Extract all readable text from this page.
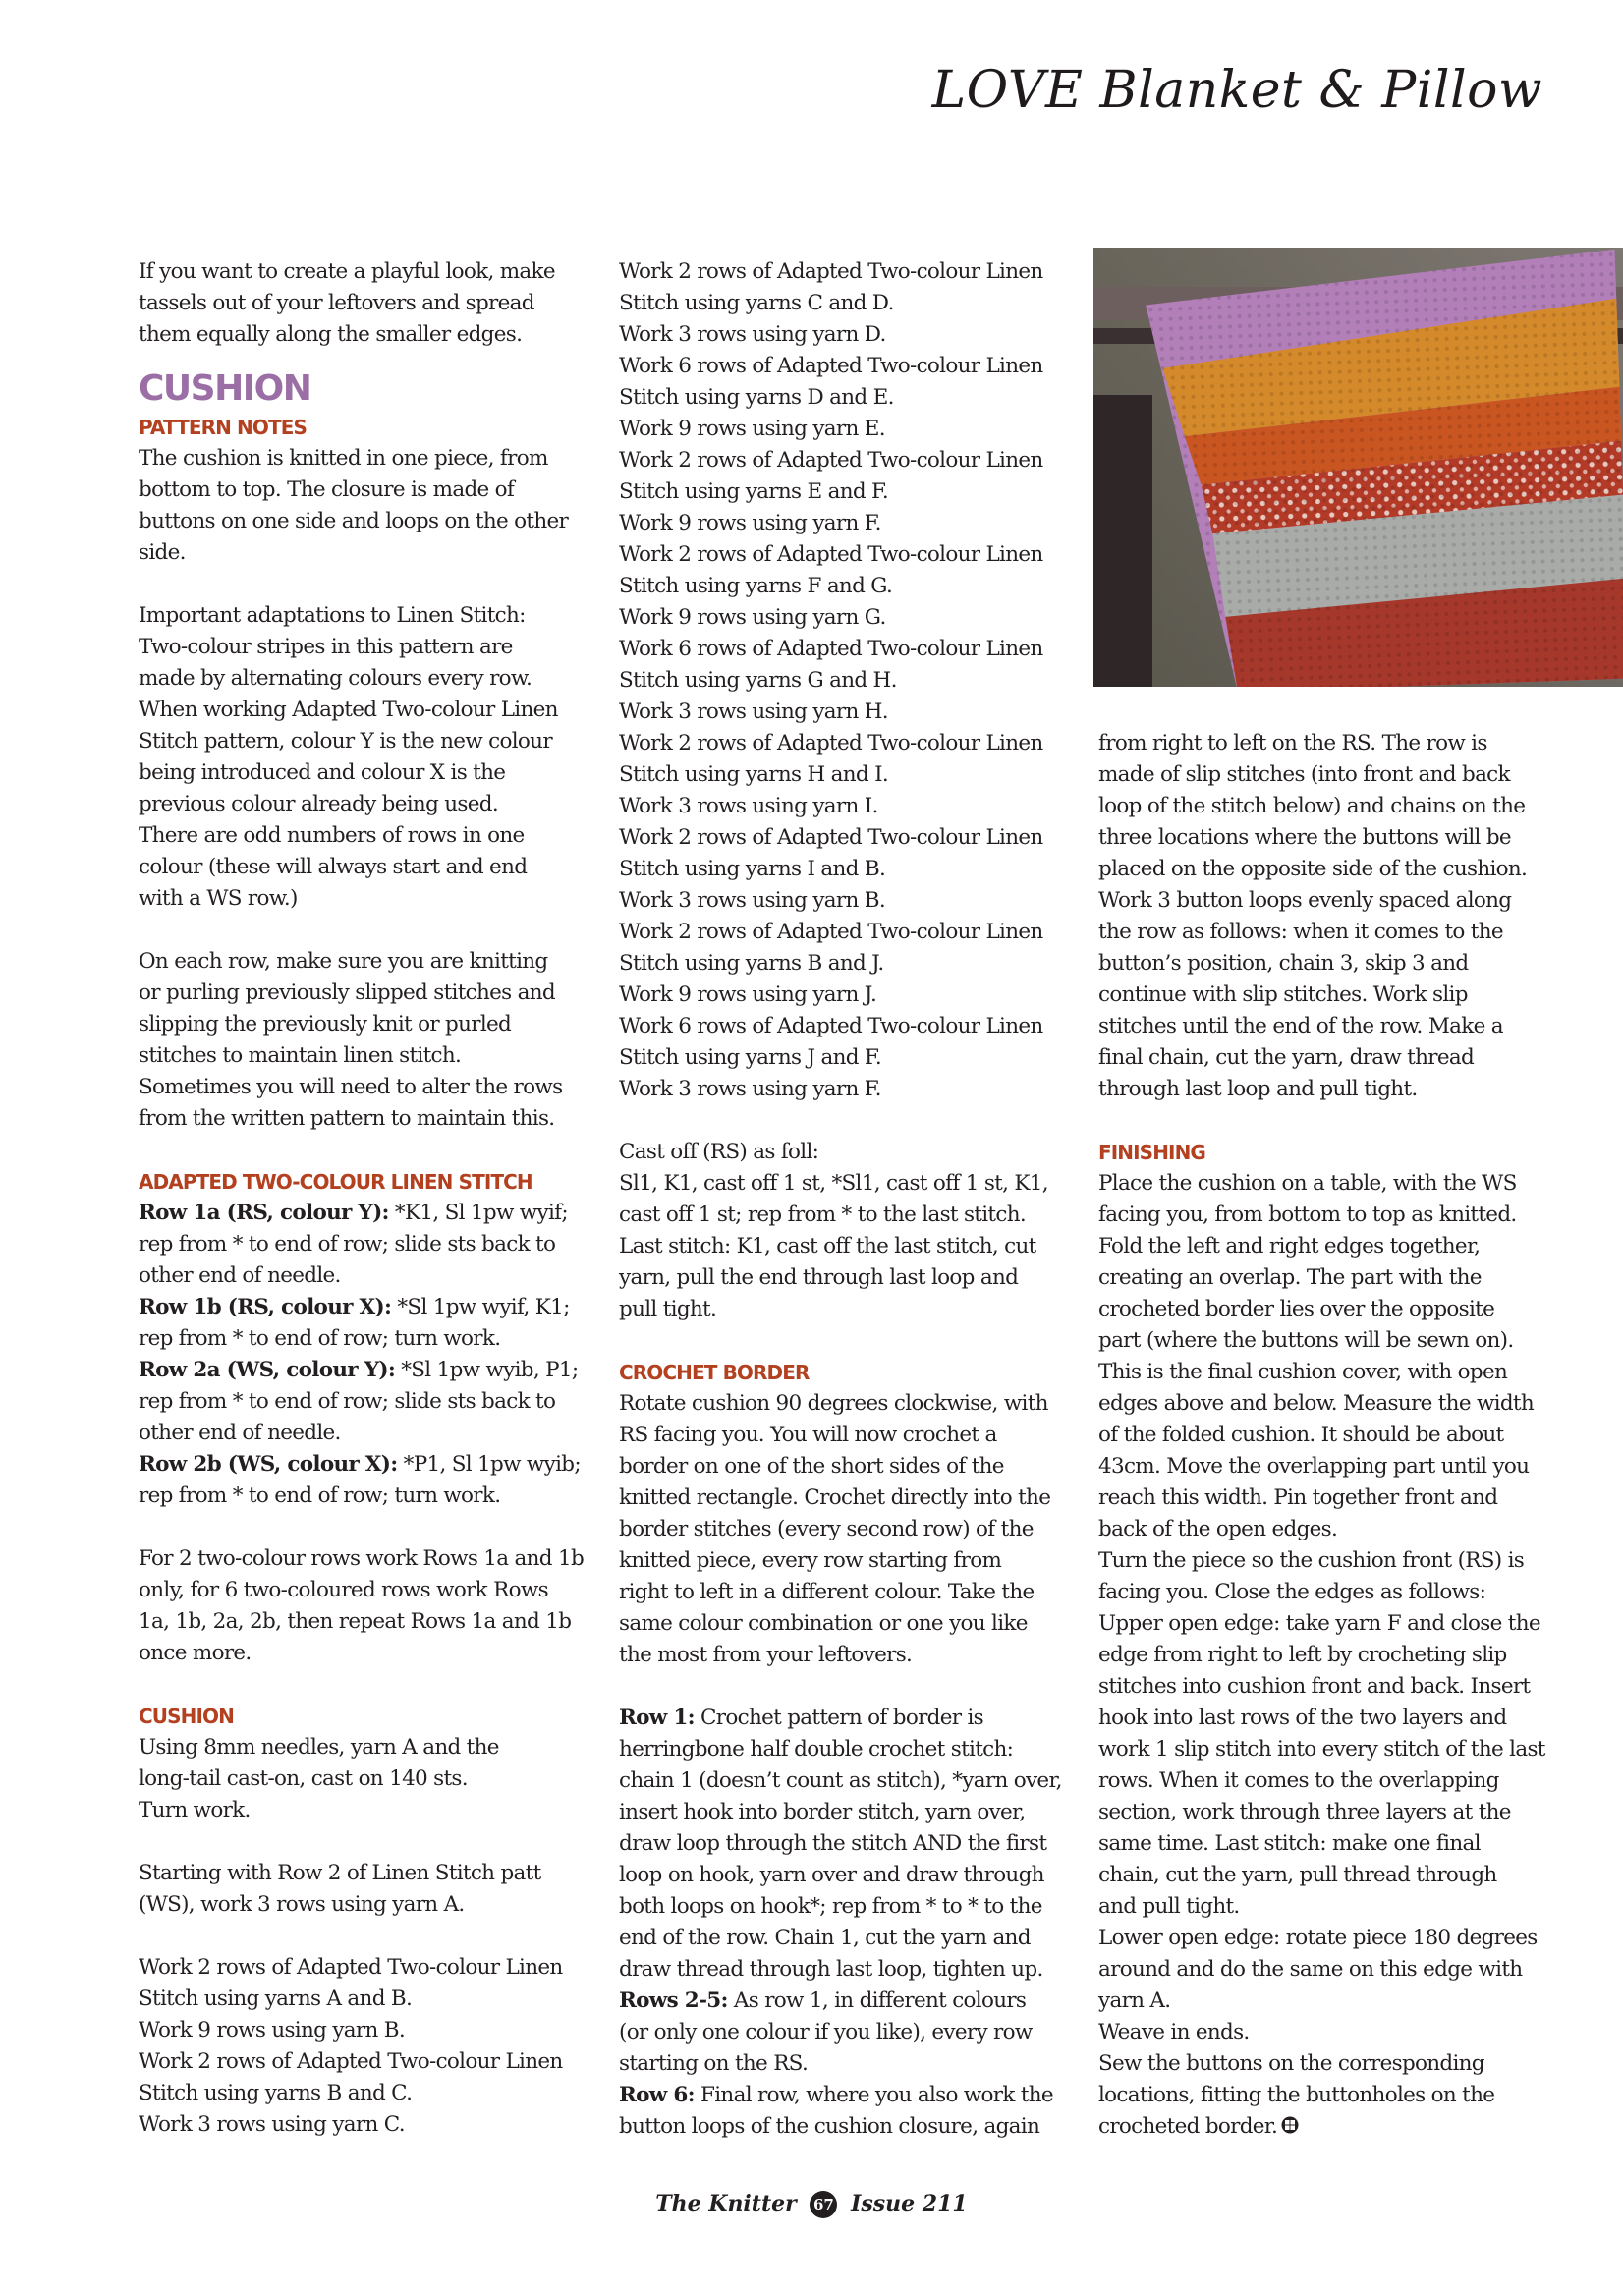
LOVE Blanket & Pillow

If you want to create a playful look, make

tassels out of your leftovers and spread

them equally along the smaller edges.

CUSHION

PATTERN NOTES

The cushion is knitted in one piece, from

bottom to top. The closure is made of

buttons on one side and loops on the other

side.

Important adaptations to Linen Stitch:

Two-colour stripes in this pattern are

made by alternating colours every row.

When working Adapted Two-colour Linen

Stitch pattern, colour Y is the new colour

being introduced and colour X is the

previous colour already being used.

There are odd numbers of rows in one

colour (these will always start and end

with a WS row.)

On each row, make sure you are knitting

or purling previously slipped stitches and

slipping the previously knit or purled

stitches to maintain linen stitch.

Sometimes you will need to alter the rows

from the written pattern to maintain this.

ADAPTED TWO-COLOUR LINEN STITCH

Row 1a (RS, colour Y): *K1, Sl 1pw wyif;

rep from * to end of row; slide sts back to

other end of needle.

Row 1b (RS, colour X): *Sl 1pw wyif, K1;

rep from * to end of row; turn work.

Row 2a (WS, colour Y): *Sl 1pw wyib, P1;

rep from * to end of row; slide sts back to

other end of needle.

Row 2b (WS, colour X): *P1, Sl 1pw wyib;

rep from * to end of row; turn work.

For 2 two-colour rows work Rows 1a and 1b

only, for 6 two-coloured rows work Rows

1a, 1b, 2a, 2b, then repeat Rows 1a and 1b

once more.

CUSHION

Using 8mm needles, yarn A and the

long-tail cast-on, cast on 140 sts.

Turn work.

Starting with Row 2 of Linen Stitch patt

(WS), work 3 rows using yarn A.

Work 2 rows of Adapted Two-colour Linen

Stitch using yarns A and B.

Work 9 rows using yarn B.

Work 2 rows of Adapted Two-colour Linen

Stitch using yarns B and C.

Work 3 rows using yarn C.

Work 2 rows of Adapted Two-colour Linen

Stitch using yarns C and D.

Work 3 rows using yarn D.

Work 6 rows of Adapted Two-colour Linen

Stitch using yarns D and E.

Work 9 rows using yarn E.

Work 2 rows of Adapted Two-colour Linen

Stitch using yarns E and F.

Work 9 rows using yarn F.

Work 2 rows of Adapted Two-colour Linen

Stitch using yarns F and G.

Work 9 rows using yarn G.

Work 6 rows of Adapted Two-colour Linen

Stitch using yarns G and H.

Work 3 rows using yarn H.

Work 2 rows of Adapted Two-colour Linen

Stitch using yarns H and I.

Work 3 rows using yarn I.

Work 2 rows of Adapted Two-colour Linen

Stitch using yarns I and B.

Work 3 rows using yarn B.

Work 2 rows of Adapted Two-colour Linen

Stitch using yarns B and J.

Work 9 rows using yarn J.

Work 6 rows of Adapted Two-colour Linen

Stitch using yarns J and F.

Work 3 rows using yarn F.

Cast off (RS) as foll:

Sl1, K1, cast off 1 st, *Sl1, cast off 1 st, K1,

cast off 1 st; rep from * to the last stitch.

Last stitch: K1, cast off the last stitch, cut

yarn, pull the end through last loop and

pull tight.

CROCHET BORDER

Rotate cushion 90 degrees clockwise, with

RS facing you. You will now crochet a

border on one of the short sides of the

knitted rectangle. Crochet directly into the

border stitches (every second row) of the

knitted piece, every row starting from

right to left in a different colour. Take the

same colour combination or one you like

the most from your leftovers.

Row 1: Crochet pattern of border is

herringbone half double crochet stitch:

chain 1 (doesn’t count as stitch), *yarn over,

insert hook into border stitch, yarn over,

draw loop through the stitch AND the first

loop on hook, yarn over and draw through

both loops on hook*; rep from * to * to the

end of the row. Chain 1, cut the yarn and

draw thread through last loop, tighten up.

Rows 2-5: As row 1, in different colours

(or only one colour if you like), every row

starting on the RS.

Row 6: Final row, where you also work the

button loops of the cushion closure, again

from right to left on the RS. The row is

made of slip stitches (into front and back

loop of the stitch below) and chains on the

three locations where the buttons will be

placed on the opposite side of the cushion.

Work 3 button loops evenly spaced along

the row as follows: when it comes to the

button’s position, chain 3, skip 3 and

continue with slip stitches. Work slip

stitches until the end of the row. Make a

final chain, cut the yarn, draw thread

through last loop and pull tight.

FINISHING

Place the cushion on a table, with the WS

facing you, from bottom to top as knitted.

Fold the left and right edges together,

creating an overlap. The part with the

crocheted border lies over the opposite

part (where the buttons will be sewn on).

This is the final cushion cover, with open

edges above and below. Measure the width

of the folded cushion. It should be about

43cm. Move the overlapping part until you

reach this width. Pin together front and

back of the open edges.

Turn the piece so the cushion front (RS) is

facing you. Close the edges as follows:

Upper open edge: take yarn F and close the

edge from right to left by crocheting slip

stitches into cushion front and back. Insert

hook into last rows of the two layers and

work 1 slip stitch into every stitch of the last

rows. When it comes to the overlapping

section, work through three layers at the

same time. Last stitch: make one final

chain, cut the yarn, pull thread through

and pull tight.

Lower open edge: rotate piece 180 degrees

around and do the same on this edge with

yarn A.

Weave in ends.

Sew the buttons on the corresponding

locations, fitting the buttonholes on the

crocheted border.

The Knitter 67 Issue 211
